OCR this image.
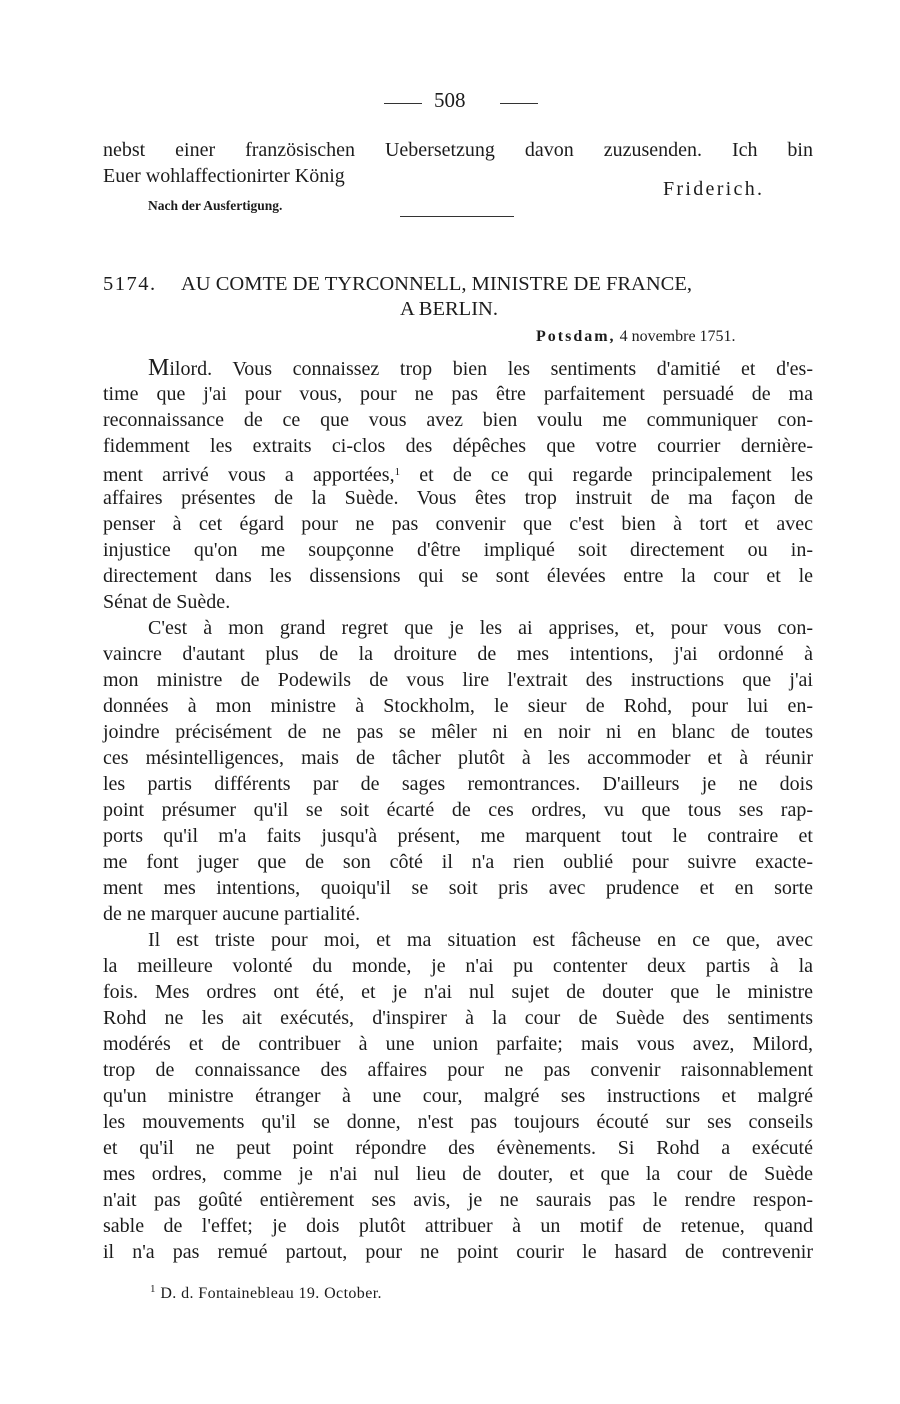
508
nebst einer französischen Uebersetzung davon zuzusenden. Ich bin
Euer wohlaffectionirter König
Friderich.
Nach der Ausfertigung.
5174. AU COMTE DE TYRCONNELL, MINISTRE DE FRANCE,
A BERLIN.
Potsdam, 4 novembre 1751.
Milord. Vous connaissez trop bien les sentiments d'amitié et d'es-
time que j'ai pour vous, pour ne pas être parfaitement persuadé de ma
reconnaissance de ce que vous avez bien voulu me communiquer con-
fidemment les extraits ci-clos des dépêches que votre courrier dernière-
ment arrivé vous a apportées,$^1$ et de ce qui regarde principalement les
affaires présentes de la Suède. Vous êtes trop instruit de ma façon de
penser à cet égard pour ne pas convenir que c'est bien à tort et avec
injustice qu'on me soupçonne d'être impliqué soit directement ou in-
directement dans les dissensions qui se sont élevées entre la cour et le
Sénat de Suède.
C'est à mon grand regret que je les ai apprises, et, pour vous con-
vaincre d'autant plus de la droiture de mes intentions, j'ai ordonné à
mon ministre de Podewils de vous lire l'extrait des instructions que j'ai
données à mon ministre à Stockholm, le sieur de Rohd, pour lui en-
joindre précisément de ne pas se mêler ni en noir ni en blanc de toutes
ces mésintelligences, mais de tâcher plutôt à les accommoder et à réunir
les partis différents par de sages remontrances. D'ailleurs je ne dois
point présumer qu'il se soit écarté de ces ordres, vu que tous ses rap-
ports qu'il m'a faits jusqu'à présent, me marquent tout le contraire et
me font juger que de son côté il n'a rien oublié pour suivre exacte-
ment mes intentions, quoiqu'il se soit pris avec prudence et en sorte
de ne marquer aucune partialité.
Il est triste pour moi, et ma situation est fâcheuse en ce que, avec
la meilleure volonté du monde, je n'ai pu contenter deux partis à la
fois. Mes ordres ont été, et je n'ai nul sujet de douter que le ministre
Rohd ne les ait exécutés, d'inspirer à la cour de Suède des sentiments
modérés et de contribuer à une union parfaite; mais vous avez, Milord,
trop de connaissance des affaires pour ne pas convenir raisonnablement
qu'un ministre étranger à une cour, malgré ses instructions et malgré
les mouvements qu'il se donne, n'est pas toujours écouté sur ses conseils
et qu'il ne peut point répondre des évènements. Si Rohd a exécuté
mes ordres, comme je n'ai nul lieu de douter, et que la cour de Suède
n'ait pas goûté entièrement ses avis, je ne saurais pas le rendre respon-
sable de l'effet; je dois plutôt attribuer à un motif de retenue, quand
il n'a pas remué partout, pour ne point courir le hasard de contrevenir
$^1$ D. d. Fontainebleau 19. October.
